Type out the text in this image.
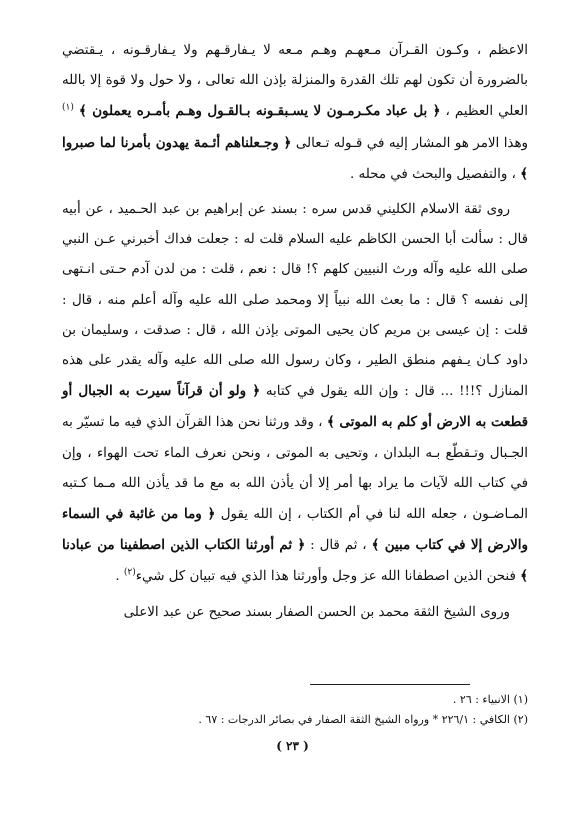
الاعظم ، وكـون القـرآن مـعهـم وهـم مـعه لا يـفارقـهم ولا يـفارقـونه ، يـقتضي بالضرورة أن تكون لهم تلك القدرة والمنزلة بإذن الله تعالى ، ولا حول ولا قوة إلا بالله العلي العظيم ، ﴿ بل عباد مكـرمـون لا يسـبقـونه بـالقـول وهـم بأمـره يعملون ﴾ $^{(١)}$ وهذا الامر هو المشار إليه في قـوله تـعالى ﴿ وجـعلناهم أئـمة يهدون بأمرنا لما صبروا ﴾ ، والتفصيل والبحث في محله .

روى ثقة الاسلام الكليني قدس سره : بسند عن إبراهيم بن عبد الحـميد ، عن أبيه قال : سألت أبا الحسن الكاظم عليه السلام قلت له : جعلت فداك أخبرني عـن النبي صلى الله عليه وآله ورث النبيين كلهم ؟! قال : نعم ، قلت : من لدن آدم حـتى انـتهى إلى نفسه ؟ قال : ما بعث الله نبياً إلا ومحمد صلى الله عليه وآله أعلم منه ، قال : قلت : إن عيسى بن مريم كان يحيى الموتى بإذن الله ، قال : صدقت ، وسليمان بن داود كـان يـفهم منطق الطير ، وكان رسول الله صلى الله عليه وآله يقدر على هذه المنازل ؟!!! ... قال : وإن الله يقول في كتابه ﴿ ولو أن قرآناً سيرت به الجبال أو قطعت به الارض أو كلم به الموتى ﴾ ، وقد ورثنا نحن هذا القرآن الذي فيه ما تسيّر به الجـبال وتـقطّع بـه البلدان ، وتحيى به الموتى ، ونحن نعرف الماء تحت الهواء ، وإن في كتاب الله لآيات ما يراد بها أمر إلا أن يأذن الله به مع ما قد يأذن الله مـما كـتبه المـاضـون ، جعله الله لنا في أم الكتاب ، إن الله يقول ﴿ وما من غائبة في السماء والارض إلا في كتاب مبين ﴾ ، ثم قال : ﴿ ثم أورثنا الكتاب الذين اصطفينا من عبادنا ﴾ فنحن الذين اصطفانا الله عز وجل وأورثنا هذا الذي فيه تبيان كل شيء$^{(٢)}$ .

وروى الشيخ الثقة محمد بن الحسن الصفار بسند صحيح عن عبد الاعلى

(١) الانبياء : ٢٦ .
(٢) الكافي : ٢٢٦/١ * ورواه الشيخ الثقة الصفار في بصائر الدرجات : ٦٧ .
( ٢٣ )
